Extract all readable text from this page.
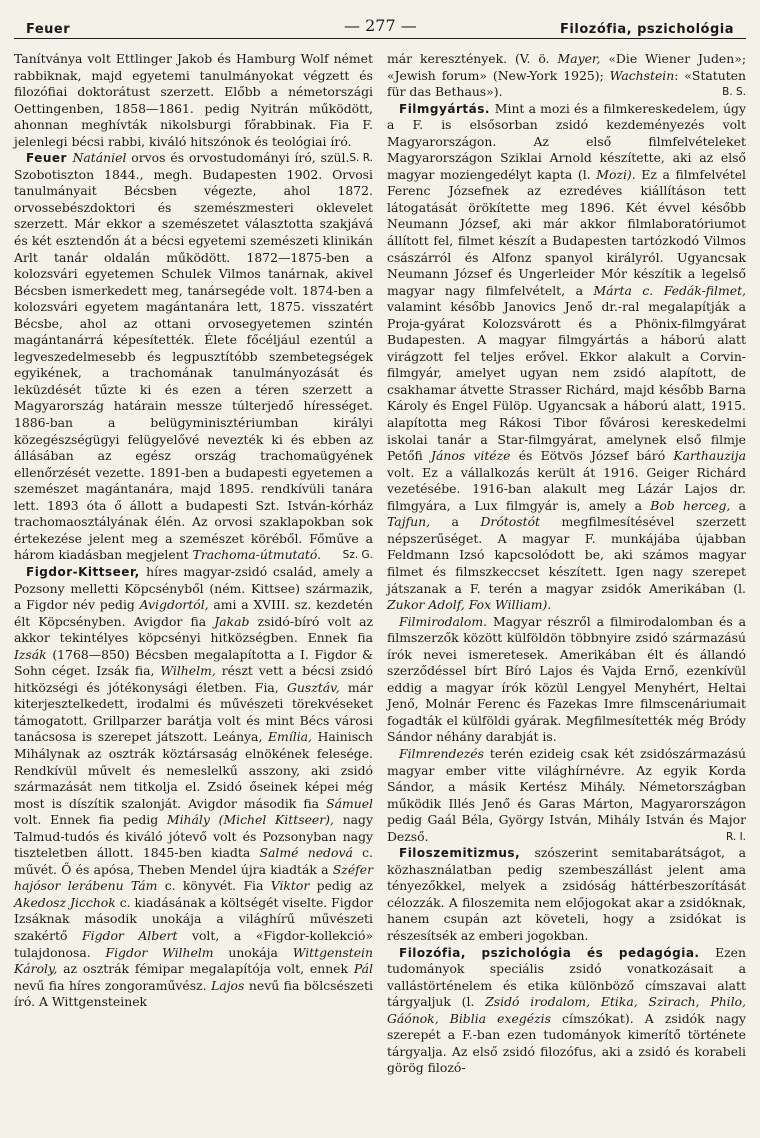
Feuer	— 277 —	Filozófia, pszichológia

Tanítványa volt Ettlinger Jakob és Hamburg Wolf német rabbiknak, majd egyetemi tanulmányokat végzett és filozófiai doktorátust szerzett. Előbb a németországi Oettingenben, 1858—1861. pedig Nyitrán működött, ahonnan meghívták nikolsburgi főrabbinak. Fia F. jelenlegi bécsi rabbi, kiváló hitszónok és teológiai író.
S. R.

Feuer Natániel orvos és orvostudományi író, szül. Szobotiszton 1844., megh. Budapesten 1902. Orvosi tanulmányait Bécsben végezte, ahol 1872. orvossebészdoktori és szemészmesteri oklevelet szerzett. Már ekkor a szemészetet választotta szakjává és két esztendőn át a bécsi egyetemi szemészeti klinikán Arlt tanár oldalán működött. 1872—1875-ben a kolozsvári egyetemen Schulek Vilmos tanárnak, akivel Bécsben ismerkedett meg, tanársegéde volt. 1874-ben a kolozsvári egyetem magántanára lett, 1875. visszatért Bécsbe, ahol az ottani orvosegyetemen szintén magántanárrá képesítették. Élete főcéljául ezentúl a legveszedelmesebb és legpusztítóbb szembetegségek egyikének, a trachomának tanulmányozását és leküzdését tűzte ki és ezen a téren szerzett a Magyarország határain messze túlterjedő hírességet. 1886-ban a belügyminisztériumban királyi közegészségügyi felügyelővé nevezték ki és ebben az állásában az egész ország trachomaügyének ellenőrzését vezette. 1891-ben a budapesti egyetemen a szemészet magántanára, majd 1895. rendkívüli tanára lett. 1893 óta ő állott a budapesti Szt. István-kórház trachomaosztályának élén. Az orvosi szaklapokban sok értekezése jelent meg a szemészet köréből. Főműve a három kiadásban megjelent Trachoma-útmutató.	Sz. G.

Figdor-Kittseer, híres magyar-zsidó család, amely a Pozsony melletti Köpcsényből (ném. Kittsee) származik, a Figdor név pedig Avigdortól, ami a XVIII. sz. kezdetén élt Köpcsényben. Avigdor fia Jakab zsidó-bíró volt az akkor tekintélyes köpcsényi hitközségben. Ennek fia Izsák (1768—850) Bécsben megalapította a I. Figdor & Sohn céget. Izsák fia, Wilhelm, részt vett a bécsi zsidó hitközségi és jótékonysági életben. Fia, Gusztáv, már kiterjesztelkedett, irodalmi és művészeti törekvéseket támogatott. Grillparzer barátja volt és mint Bécs városi tanácsosa is szerepet játszott. Leánya, Emília, Hainisch Mihálynak az osztrák köztársaság elnökének felesége. Rendkívül művelt és nemeslelkű asszony, aki zsidó származását nem titkolja el. Zsidó őseinek képei még most is díszítik szalonját. Avigdor második fia Sámuel volt. Ennek fia pedig Mihály (Michel Kittseer), nagy Talmud-tudós és kiváló jótevő volt és Pozsonyban nagy tiszteletben állott. 1845-ben kiadta Salmé nedová c. művét. Ő és apósa, Theben Mendel újra kiadták a Széfer hajósor lerábenu Tám c. könyvét. Fia Viktor pedig az Akedosz Jicchok c. kiadásának a költségét viselte. Figdor Izsáknak második unokája a világhírű művészeti szakértő Figdor Albert volt, a «Figdor-kollekció» tulajdonosa. Figdor Wilhelm unokája Wittgenstein Károly, az osztrák fémipar megalapítója volt, ennek Pál nevű fia híres zongoraművész. Lajos nevű fia bölcsészeti író. A Wittgensteinek

már keresztények. (V. ö. Mayer, «Die Wiener Juden»; «Jewish forum» (New-York 1925); Wachstein: «Statuten für das Bethaus»).	B. S.

Filmgyártás. Mint a mozi és a filmkereskedelem, úgy a F. is elsősorban zsidó kezdeményezés volt Magyarországon. Az első filmfelvételeket Magyarországon Sziklai Arnold készítette, aki az első magyar moziengedélyt kapta (l. Mozi). Ez a filmfelvétel Ferenc Józsefnek az ezredéves kiállításon tett látogatását örökítette meg 1896. Két évvel később Neumann József, aki már akkor filmlaboratóriumot állított fel, filmet készít a Budapesten tartózkodó Vilmos császárról és Alfonz spanyol királyról. Ugyancsak Neumann József és Ungerleider Mór készítik a legelső magyar nagy filmfelvételt, a Márta c. Fedák-filmet, valamint később Janovics Jenő dr.-ral megalapítják a Proja-gyárat Kolozsvárott és a Phönix-filmgyárat Budapesten. A magyar filmgyártás a háború alatt virágzott fel teljes erővel. Ekkor alakult a Corvin-filmgyár, amelyet ugyan nem zsidó alapított, de csakhamar átvette Strasser Richárd, majd később Barna Károly és Engel Fülöp. Ugyancsak a háború alatt, 1915. alapította meg Rákosi Tibor fővárosi kereskedelmi iskolai tanár a Star-filmgyárat, amelynek első filmje Petőfi János vitéze és Eötvös József báró Karthauzija volt. Ez a vállalkozás került át 1916. Geiger Richárd vezetésébe. 1916-ban alakult meg Lázár Lajos dr. filmgyára, a Lux filmgyár is, amely a Bob herceg, a Tajfun, a Drótostót megfilmesítésével szerzett népszerűséget. A magyar F. munkájába újabban Feldmann Izsó kapcsolódott be, aki számos magyar filmet és filmszkeccset készített. Igen nagy szerepet játszanak a F. terén a magyar zsidók Amerikában (l. Zukor Adolf, Fox William).

Filmirodalom. Magyar részről a filmirodalomban és a filmszerzők között külföldön többnyire zsidó származású írók nevei ismeretesek. Amerikában élt és állandó szerződéssel bírt Bíró Lajos és Vajda Ernő, ezenkívül eddig a magyar írók közül Lengyel Menyhért, Heltai Jenő, Molnár Ferenc és Fazekas Imre filmscenáriumait fogadták el külföldi gyárak. Megfilmesítették még Bródy Sándor néhány darabját is.

Filmrendezés terén ezideig csak két zsidószármazású magyar ember vitte világhírnévre. Az egyik Korda Sándor, a másik Kertész Mihály. Németországban működik Illés Jenő és Garas Márton, Magyarországon pedig Gaál Béla, György István, Mihály István és Major Dezső.	R. I.

Filoszemitizmus, szószerint semitabarátságot, a közhasználatban pedig szembeszállást jelent ama tényezőkkel, melyek a zsidóság háttérbeszorítását célozzák. A filoszemita nem előjogokat akar a zsidóknak, hanem csupán azt követeli, hogy a zsidókat is részesítsék az emberi jogokban.

Filozófia, pszichológia és pedagógia. Ezen tudományok speciális zsidó vonatkozásait a vallástörténelem és etika különböző címszavai alatt tárgyaljuk (l. Zsidó irodalom, Etika, Szirach, Philo, Gáónok, Biblia exegézis címszókat). A zsidók nagy szerepét a F.-ban ezen tudományok kimerítő története tárgyalja. Az első zsidó filozófus, aki a zsidó és korabeli görög filozó-
